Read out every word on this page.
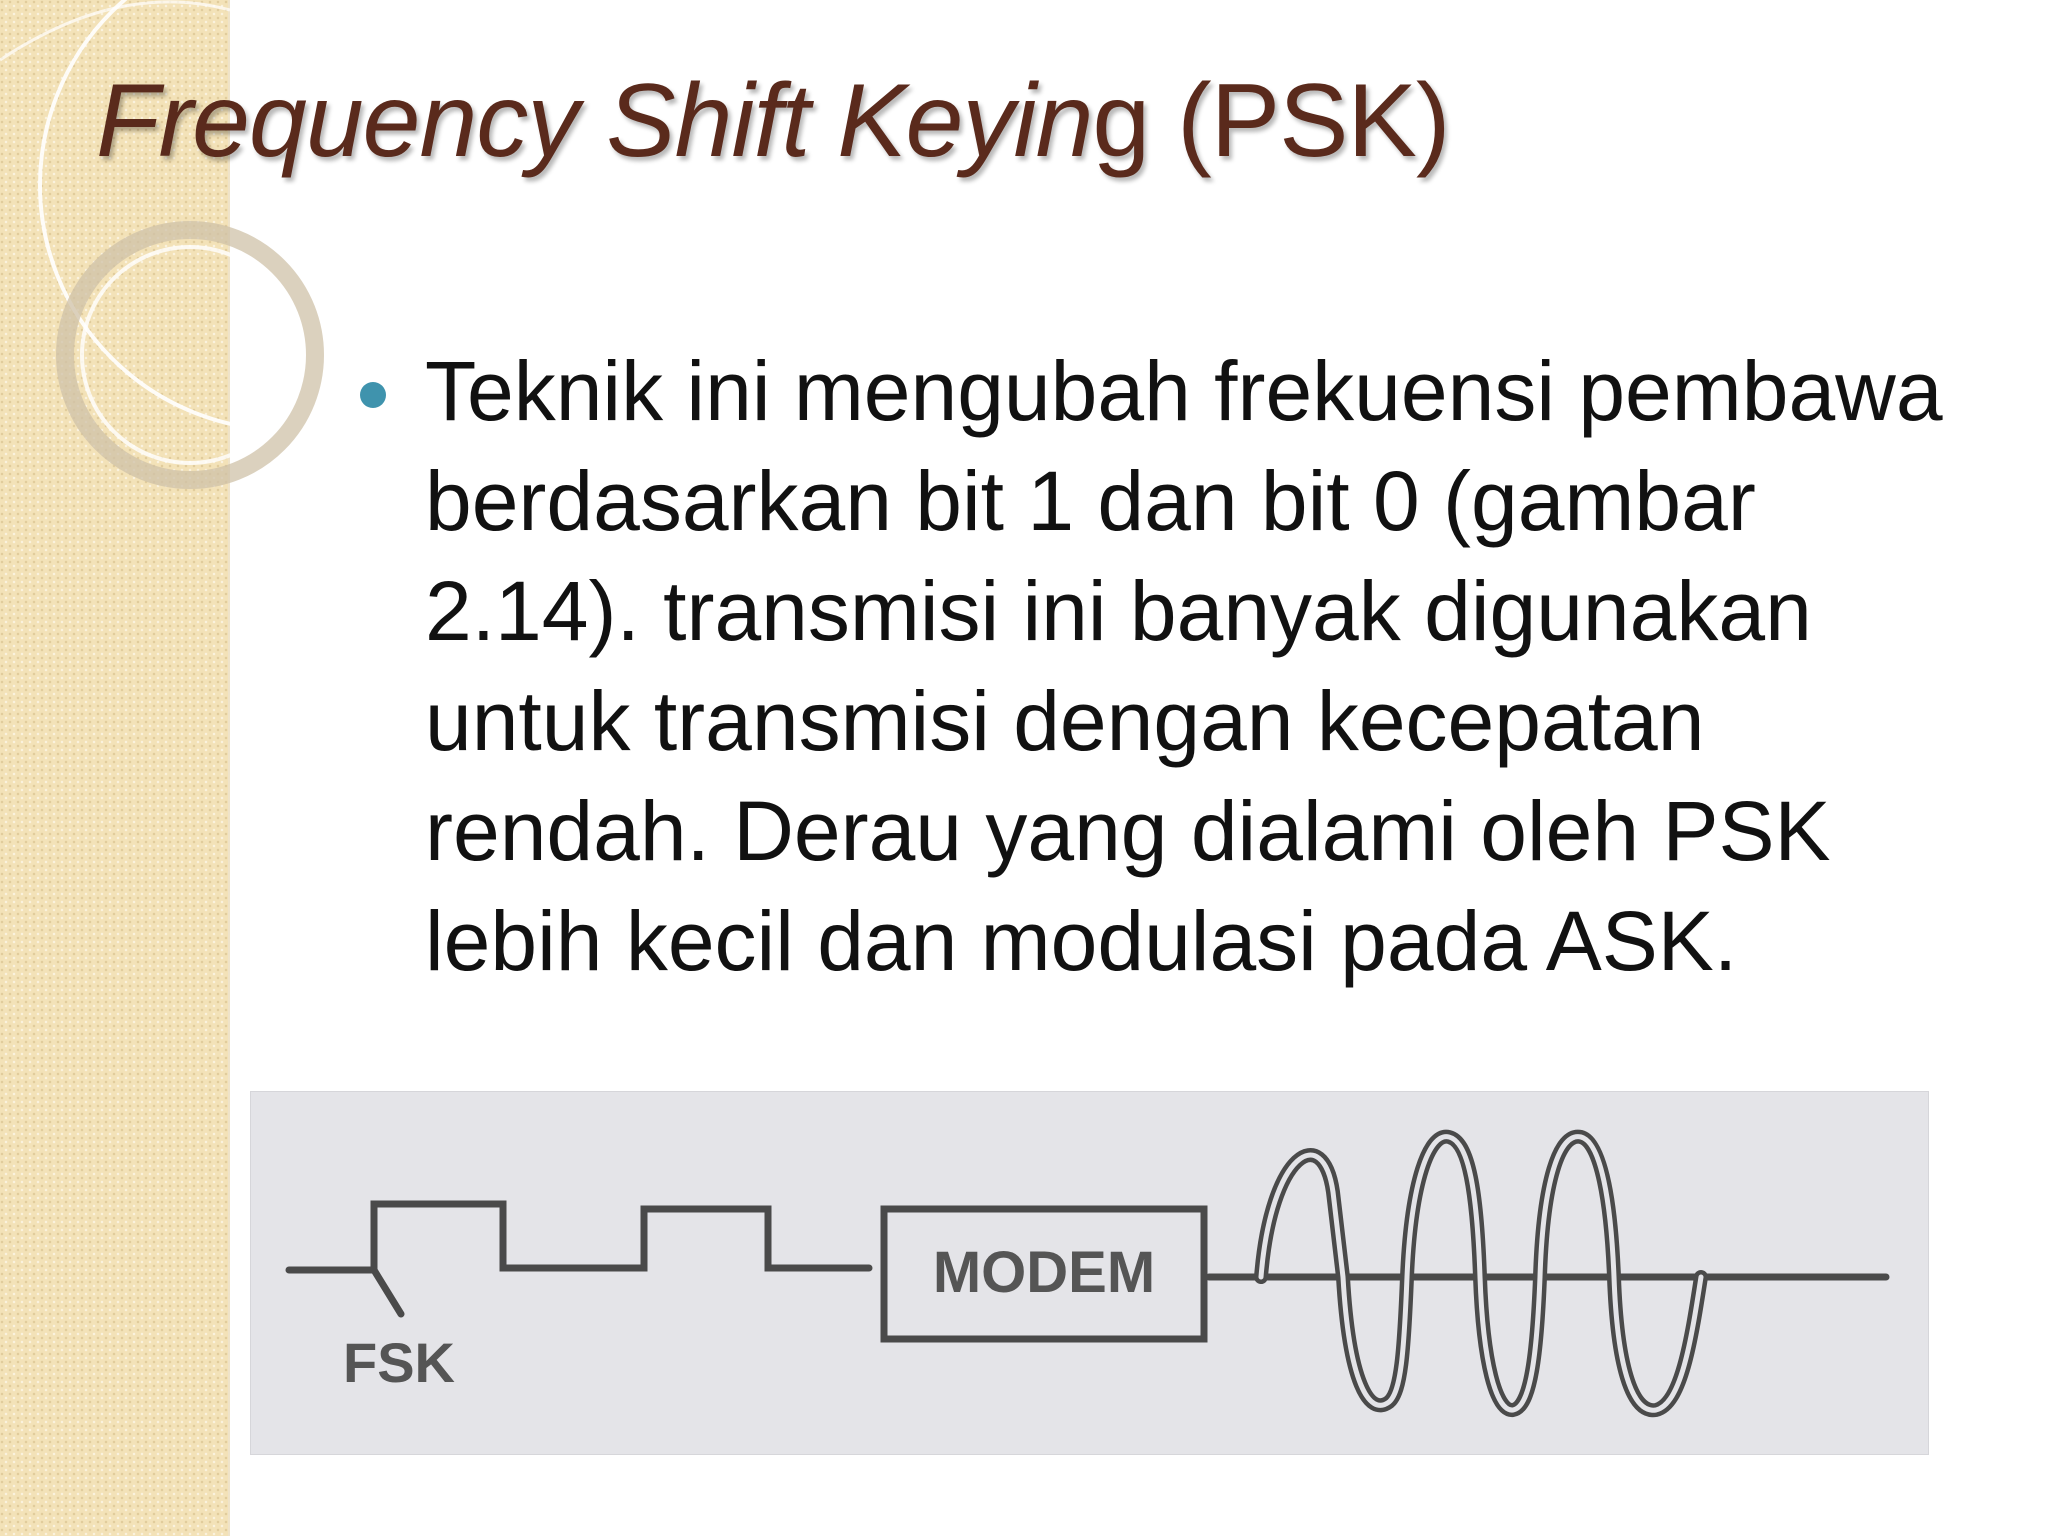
Frequency Shift Keying (PSK)

Teknik ini mengubah frekuensi pembawa berdasarkan bit 1 dan bit 0 (gambar 2.14). transmisi ini banyak digunakan untuk transmisi dengan kecepatan rendah. Derau yang dialami oleh PSK lebih kecil dan modulasi pada ASK.

MODEM
FSK
